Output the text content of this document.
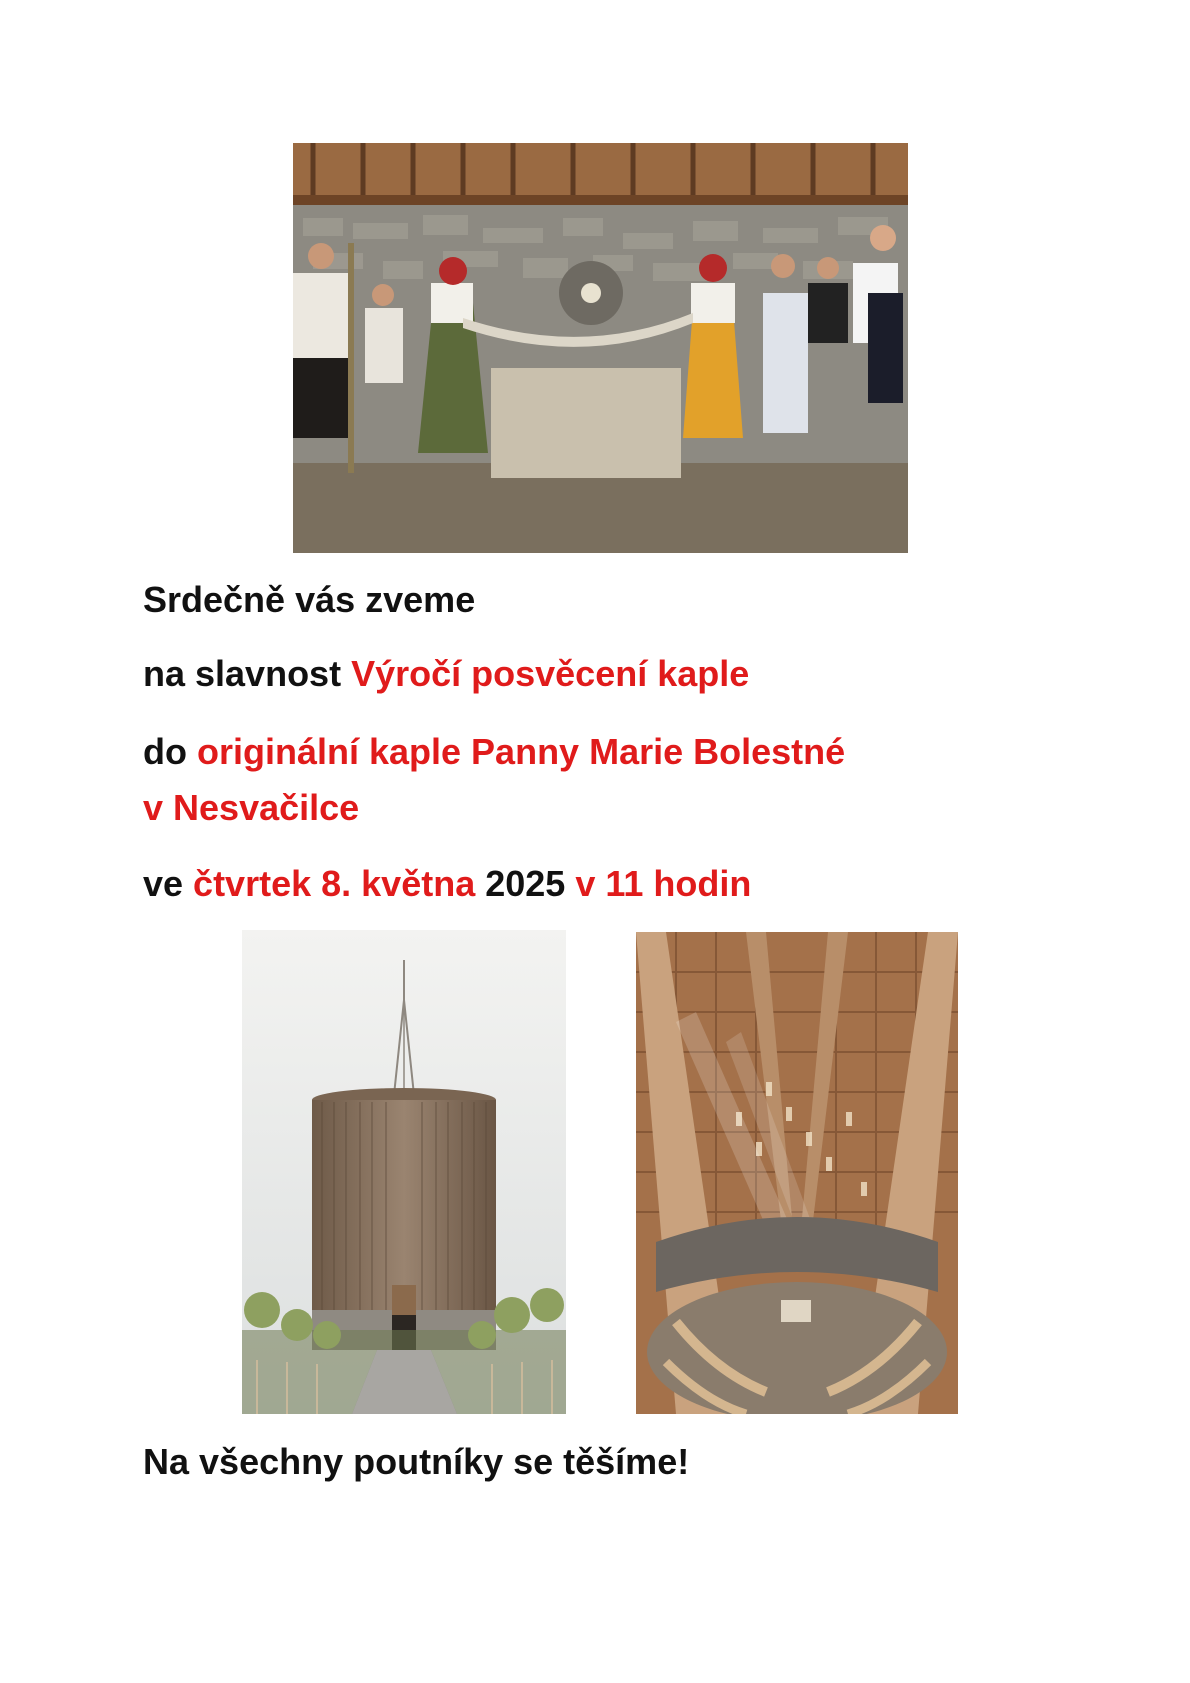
Srdečně vás zveme

na slavnost Výročí posvěcení kaple

do originální kaple Panny Marie Bolestné

v Nesvačilce

ve čtvrtek 8. května 2025 v 11 hodin

Na všechny poutníky se těšíme!
